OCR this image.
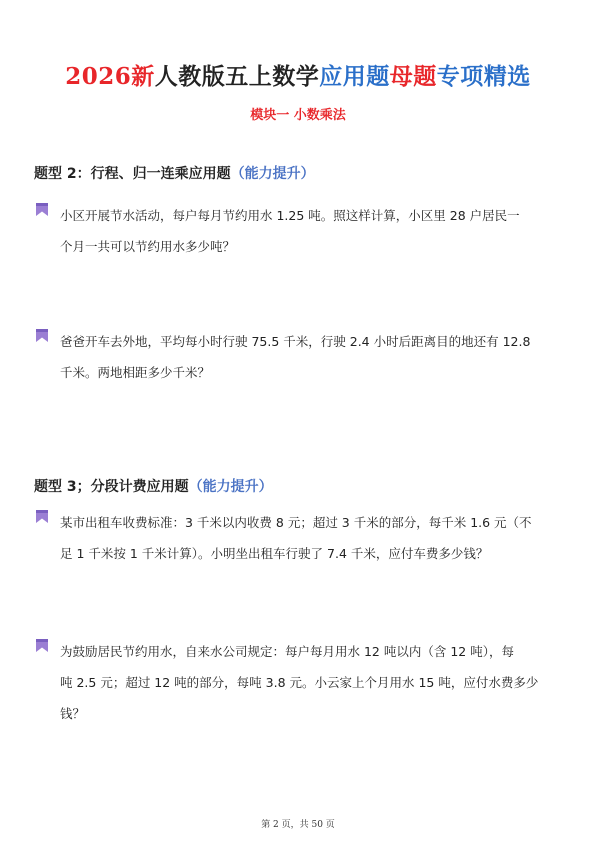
2026新人教版五上数学应用题母题专项精选
模块一 小数乘法
题型 2：行程、归一连乘应用题（能力提升）
小区开展节水活动，每户每月节约用水 1.25 吨。照这样计算，小区里 28 户居民一
个月一共可以节约用水多少吨？
爸爸开车去外地，平均每小时行驶 75.5 千米，行驶 2.4 小时后距离目的地还有 12.8
千米。两地相距多少千米？
题型 3；分段计费应用题（能力提升）
某市出租车收费标准：3 千米以内收费 8 元；超过 3 千米的部分，每千米 1.6 元（不
足 1 千米按 1 千米计算）。小明坐出租车行驶了 7.4 千米，应付车费多少钱？
为鼓励居民节约用水，自来水公司规定：每户每月用水 12 吨以内（含 12 吨），每
吨 2.5 元；超过 12 吨的部分，每吨 3.8 元。小云家上个月用水 15 吨，应付水费多少
钱？
第 2 页，共 50 页
